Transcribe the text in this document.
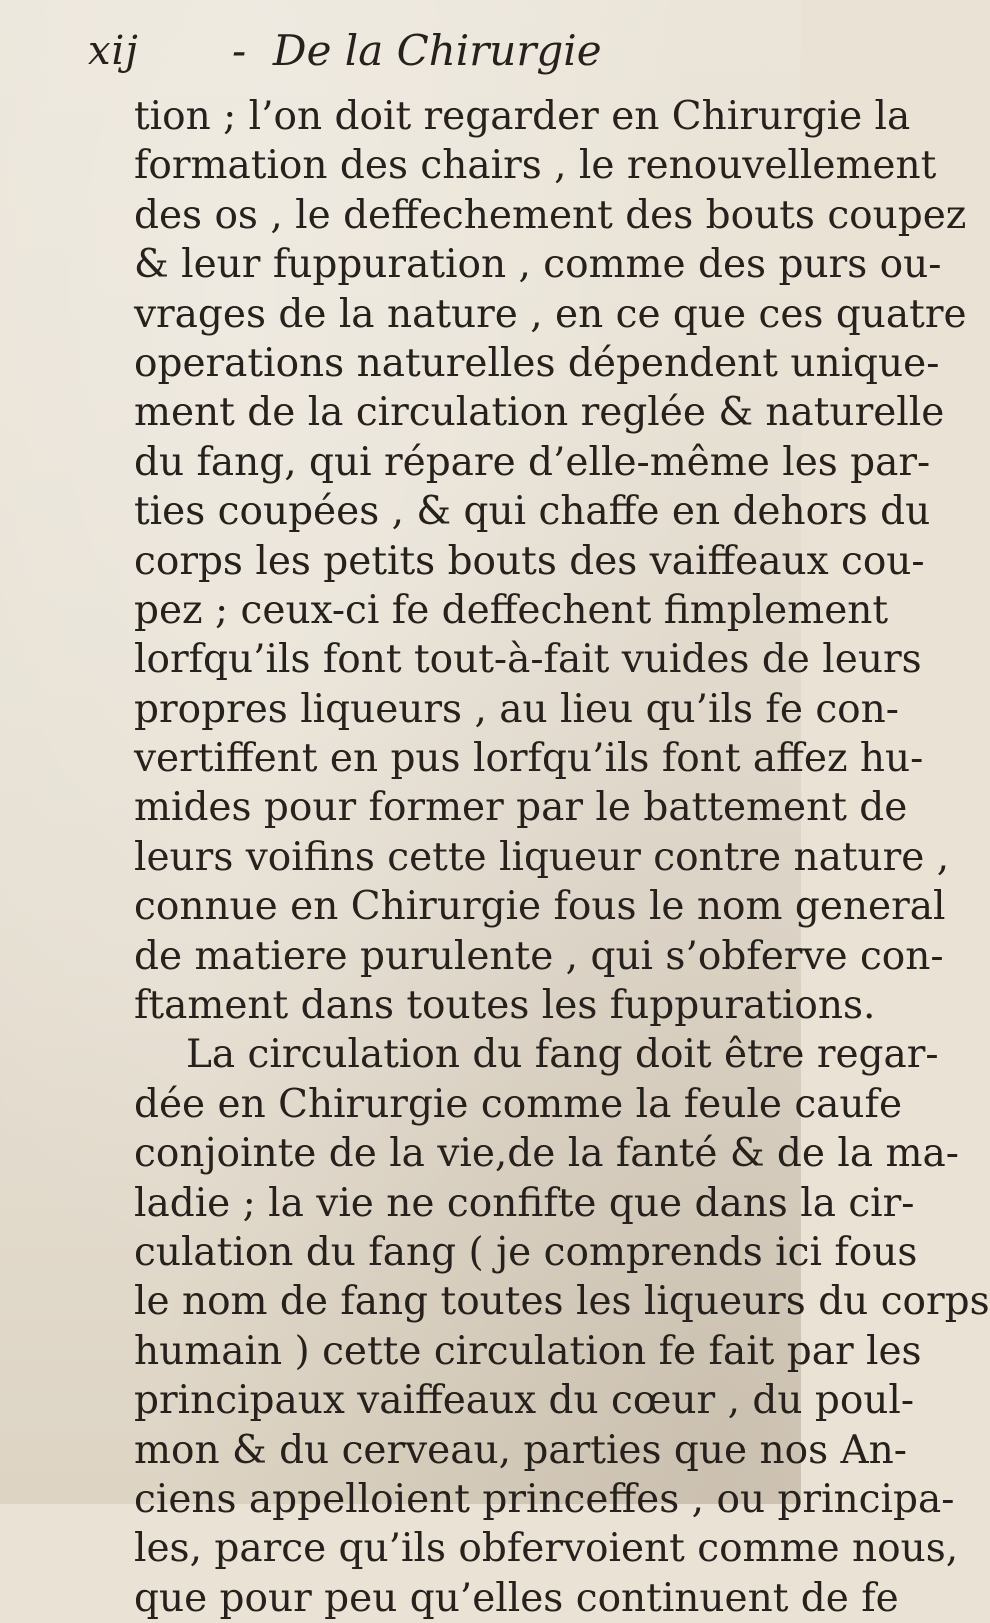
xij -  De la Chirurgie
tion ; l’on doit regarder en Chirurgie la
formation des chairs , le renouvellement
des os , le deffechement des bouts coupez
& leur fuppuration , comme des purs ou-
vrages de la nature , en ce que ces quatre
operations naturelles dépendent unique-
ment de la circulation reglée & naturelle
du fang, qui répare d’elle-même les par-
ties coupées , & qui chaffe en dehors du
corps les petits bouts des vaiffeaux cou-
pez ; ceux-ci fe deffechent fimplement
lorfqu’ils font tout-à-fait vuides de leurs
propres liqueurs , au lieu qu’ils fe con-
vertiffent en pus lorfqu’ils font affez hu-
mides pour former par le battement de
leurs voifins cette liqueur contre nature ,
connue en Chirurgie fous le nom general
de matiere purulente , qui s’obferve con-
ftament dans toutes les fuppurations.
La circulation du fang doit être regar-
dée en Chirurgie comme la feule caufe
conjointe de la vie,de la fanté & de la ma-
ladie ; la vie ne confifte que dans la cir-
culation du fang ( je comprends ici fous
le nom de fang toutes les liqueurs du corps
humain ) cette circulation fe fait par les
principaux vaiffeaux du cœur , du poul-
mon & du cerveau, parties que nos An-
ciens appelloient princeffes , ou principa-
les, parce qu’ils obfervoient comme nous,
que pour peu qu’elles continuent de fe
